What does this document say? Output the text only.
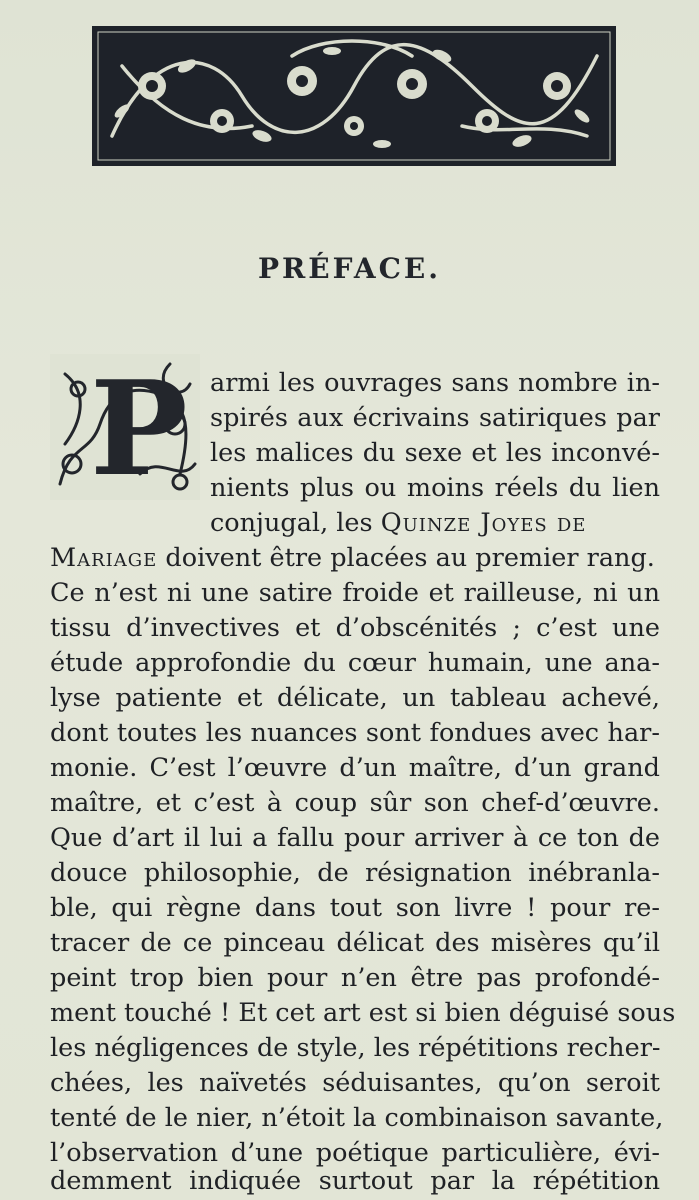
PRÉFACE.
P armi les ouvrages sans nombre in-
spirés aux écrivains satiriques par
les malices du sexe et les inconvé-
nients plus ou moins réels du lien
conjugal, les Quinze Joyes de
Mariage doivent être placées au premier rang.
Ce n’est ni une satire froide et railleuse, ni un
tissu d’invectives et d’obscénités ; c’est une
étude approfondie du cœur humain, une ana-
lyse patiente et délicate, un tableau achevé,
dont toutes les nuances sont fondues avec har-
monie. C’est l’œuvre d’un maître, d’un grand
maître, et c’est à coup sûr son chef-d’œuvre.
Que d’art il lui a fallu pour arriver à ce ton de
douce philosophie, de résignation inébranla-
ble, qui règne dans tout son livre ! pour re-
tracer de ce pinceau délicat des misères qu’il
peint trop bien pour n’en être pas profondé-
ment touché ! Et cet art est si bien déguisé sous
les négligences de style, les répétitions recher-
chées, les naïvetés séduisantes, qu’on seroit
tenté de le nier, n’étoit la combinaison savante,
l’observation d’une poétique particulière, évi-
demment indiquée surtout par la répétition
